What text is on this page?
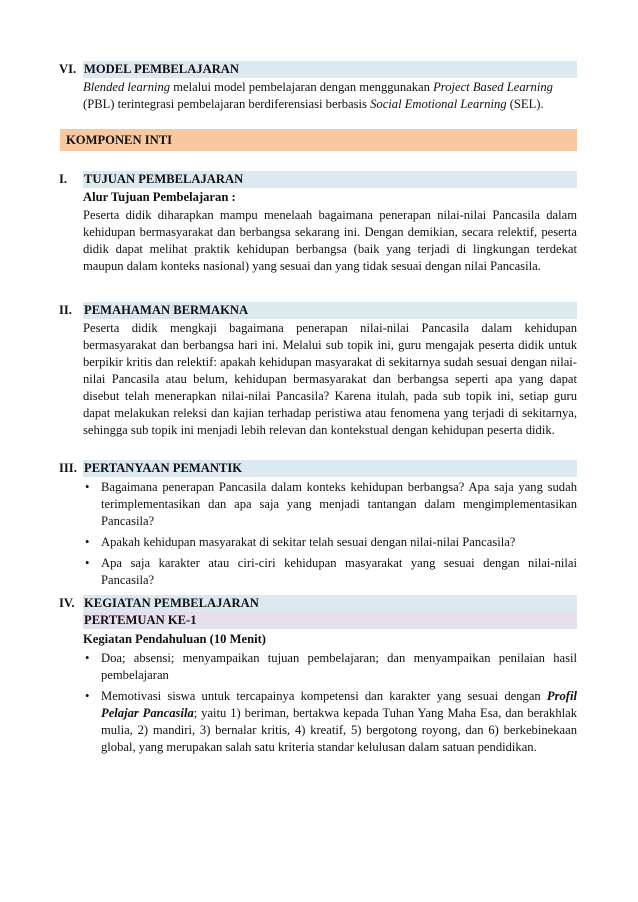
VI. MODEL PEMBELAJARAN

Blended learning melalui model pembelajaran dengan menggunakan Project Based Learning
(PBL) terintegrasi pembelajaran berdiferensiasi berbasis Social Emotional Learning (SEL).

KOMPONEN INTI
I. TUJUAN PEMBELAJARAN

Alur Tujuan Pembelajaran :

Peserta didik diharapkan mampu menelaah bagaimana penerapan nilai-nilai Pancasila dalam kehidupan bermasyarakat dan berbangsa sekarang ini. Dengan demikian, secara relektif, peserta didik dapat melihat praktik kehidupan berbangsa (baik yang terjadi di lingkungan terdekat maupun dalam konteks nasional) yang sesuai dan yang tidak sesuai dengan nilai Pancasila.

II. PEMAHAMAN BERMAKNA

Peserta didik mengkaji bagaimana penerapan nilai-nilai Pancasila dalam kehidupan bermasyarakat dan berbangsa hari ini. Melalui sub topik ini, guru mengajak peserta didik untuk berpikir kritis dan relektif: apakah kehidupan masyarakat di sekitarnya sudah sesuai dengan nilai-nilai Pancasila atau belum, kehidupan bermasyarakat dan berbangsa seperti apa yang dapat disebut telah menerapkan nilai-nilai Pancasila? Karena itulah, pada sub topik ini, setiap guru dapat melakukan releksi dan kajian terhadap peristiwa atau fenomena yang terjadi di sekitarnya, sehingga sub topik ini menjadi lebih relevan dan kontekstual dengan kehidupan peserta didik.

III. PERTANYAAN PEMANTIK
• Bagaimana penerapan Pancasila dalam konteks kehidupan berbangsa? Apa saja yang sudah terimplementasikan dan apa saja yang menjadi tantangan dalam mengimplementasikan Pancasila?
• Apakah kehidupan masyarakat di sekitar telah sesuai dengan nilai-nilai Pancasila?
• Apa saja karakter atau ciri-ciri kehidupan masyarakat yang sesuai dengan nilai-nilai Pancasila?
IV. KEGIATAN PEMBELAJARAN
PERTEMUAN KE-1

Kegiatan Pendahuluan (10 Menit)

• Doa; absensi; menyampaikan tujuan pembelajaran; dan menyampaikan penilaian hasil pembelajaran
• Memotivasi siswa untuk tercapainya kompetensi dan karakter yang sesuai dengan Profil Pelajar Pancasila; yaitu 1) beriman, bertakwa kepada Tuhan Yang Maha Esa, dan berakhlak mulia, 2) mandiri, 3) bernalar kritis, 4) kreatif, 5) bergotong royong, dan 6) berkebinekaan global, yang merupakan salah satu kriteria standar kelulusan dalam satuan pendidikan.
